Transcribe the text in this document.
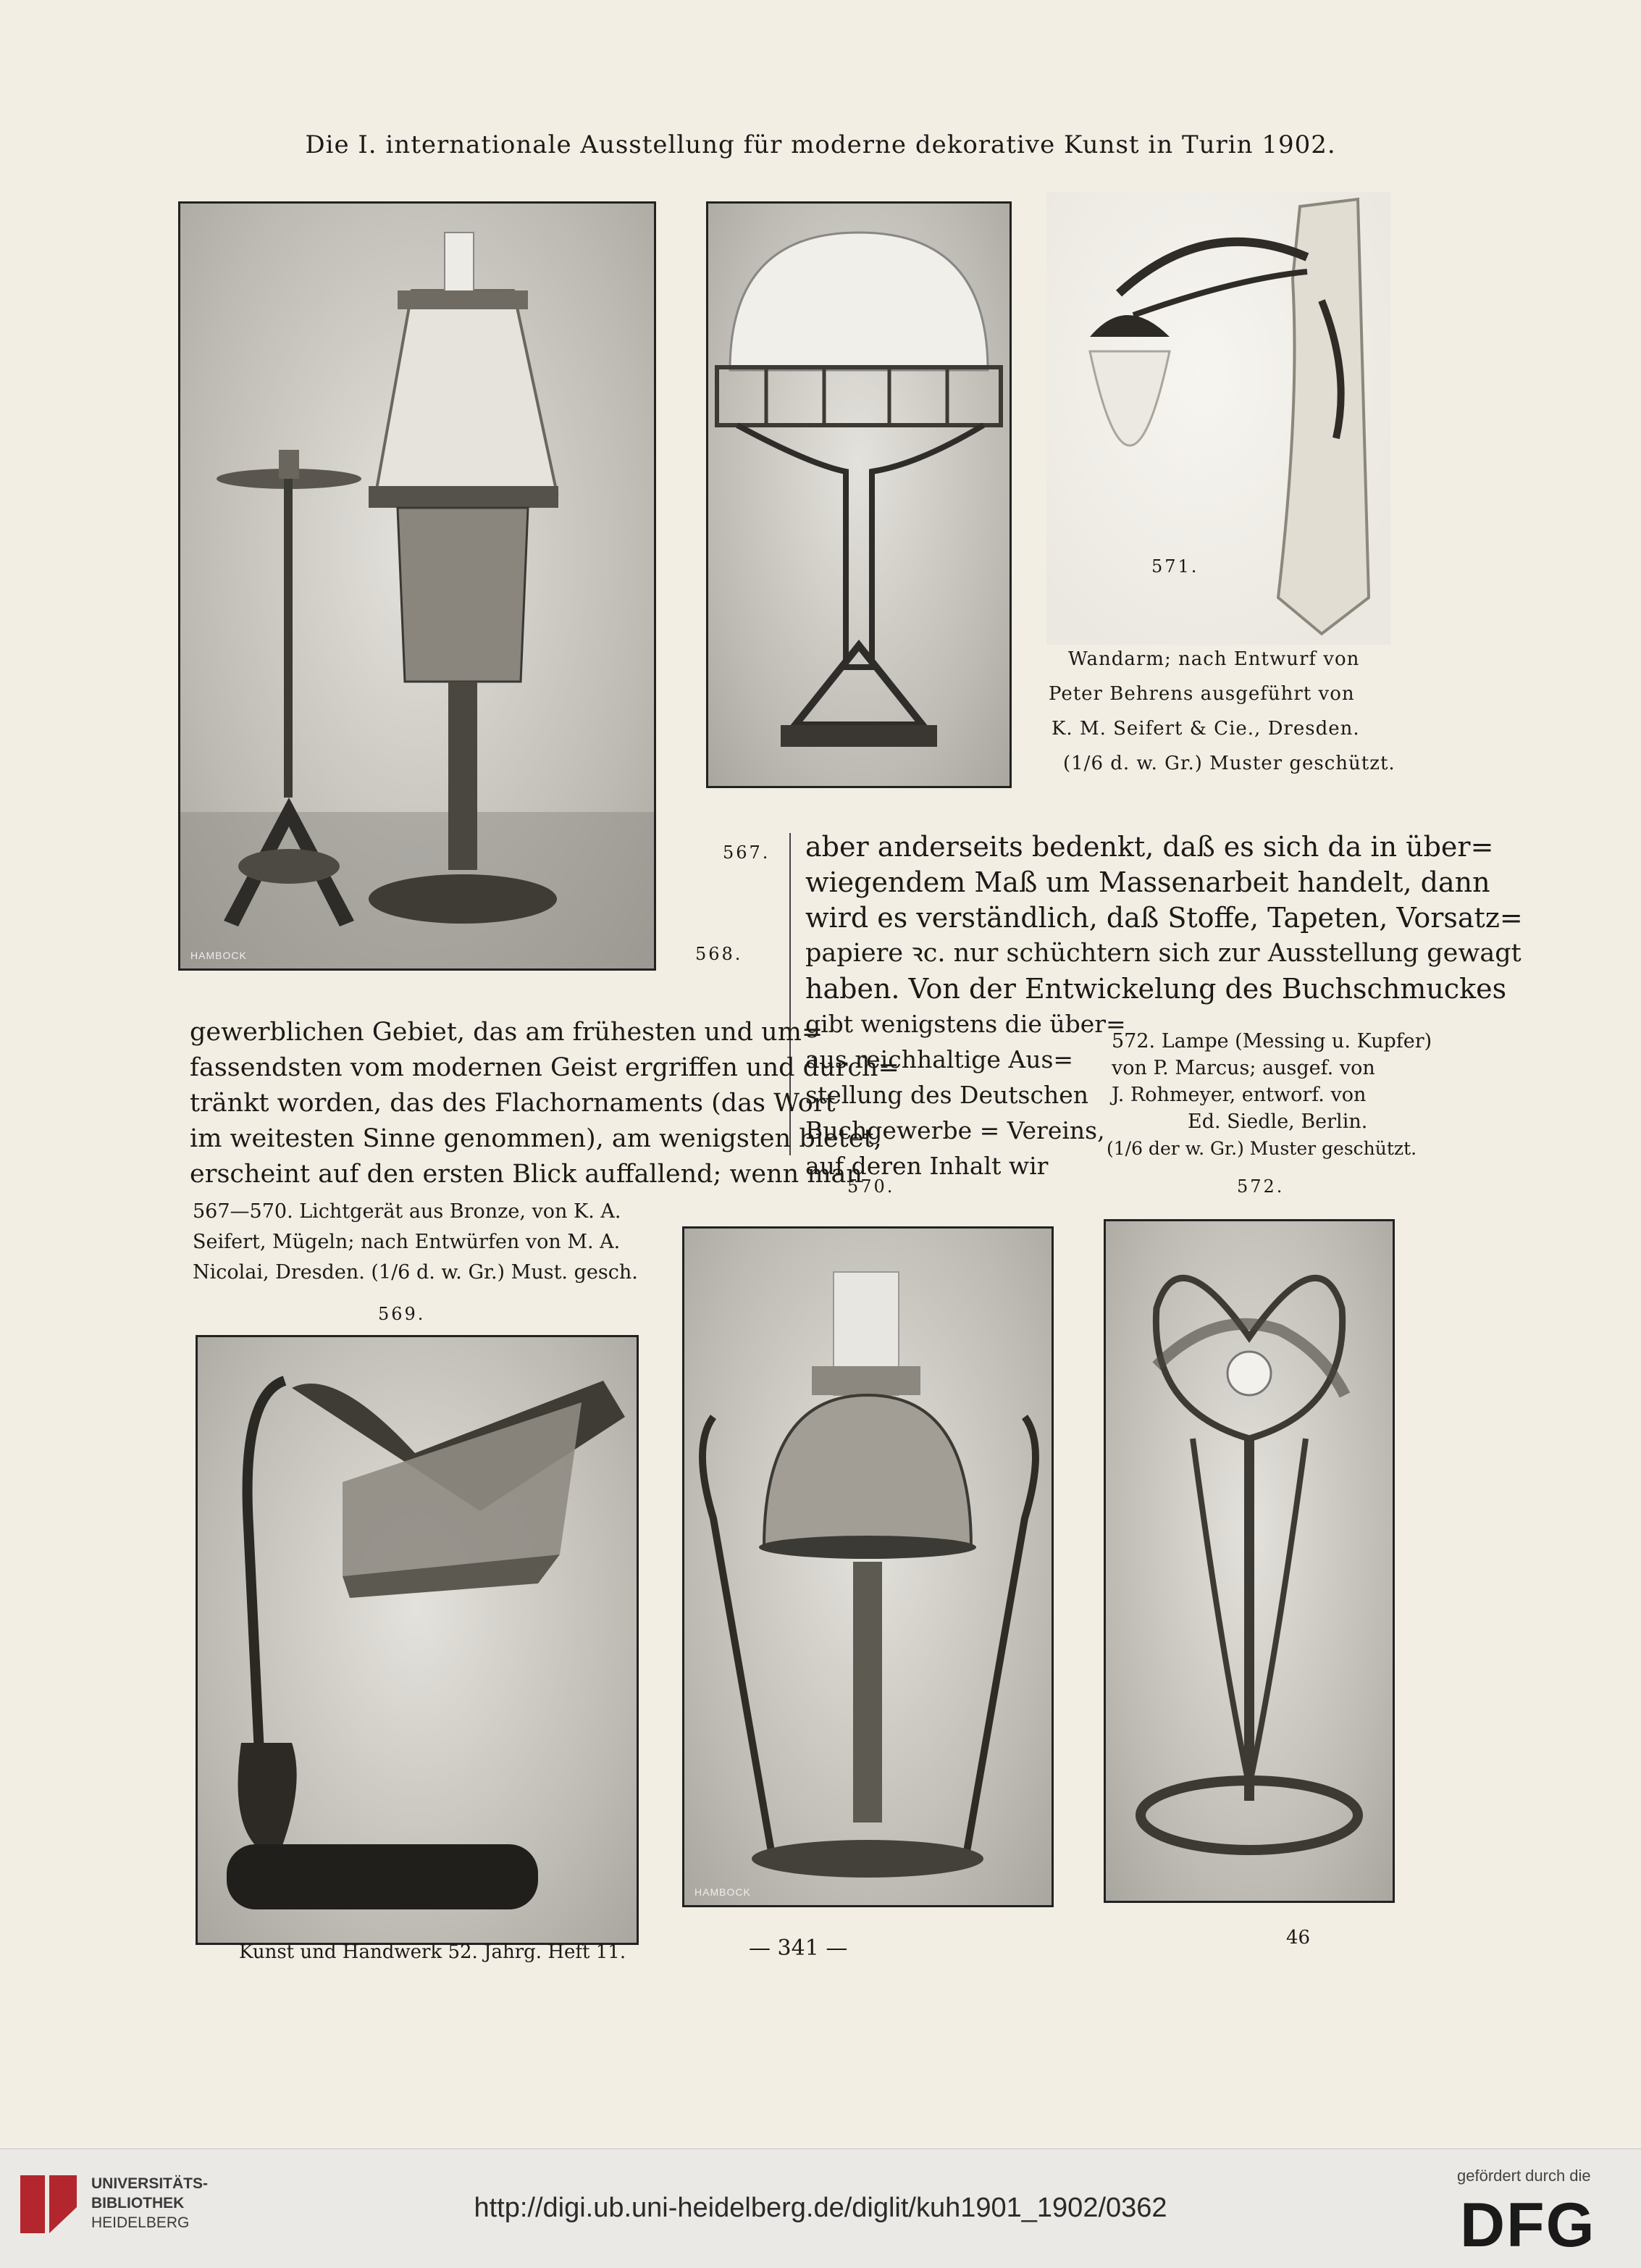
Die I. internationale Ausstellung für moderne dekorative Kunst in Turin 1902.
HAMBOCK	568.
567.
571.
Wandarm; nach Entwurf von
Peter Behrens ausgeführt von
K. M. Seifert & Cie., Dresden.
(1/6 d. w. Gr.) Muster geschützt.
aber anderseits bedenkt, daß es sich da in über=
wiegendem Maß um Massenarbeit handelt, dann
wird es verständlich, daß Stoffe, Tapeten, Vorsatz=
papiere ꝛc. nur schüchtern sich zur Ausstellung gewagt
haben. Von der Entwickelung des Buchschmuckes
gibt wenigstens die über=
aus reichhaltige Aus=
stellung des Deutschen
Buchgewerbe = Vereins,
auf deren Inhalt wir
572. Lampe (Messing u. Kupfer)
von P. Marcus; ausgef. von
J. Rohmeyer, entworf. von
Ed. Siedle, Berlin.
(1/6 der w. Gr.) Muster geschützt.
gewerblichen Gebiet, das am frühesten und um=
fassendsten vom modernen Geist ergriffen und durch=
tränkt worden, das des Flachornaments (das Wort
im weitesten Sinne genommen), am wenigsten bietet,
erscheint auf den ersten Blick auffallend; wenn man
570.	572.
567—570. Lichtgerät aus Bronze, von K. A.
Seifert, Mügeln; nach Entwürfen von M. A.
Nicolai, Dresden. (1/6 d. w. Gr.) Must. gesch.
569.
HAMBOCK
Kunst und Handwerk 52. Jahrg. Heft 11.	— 341 —	46
UNIVERSITÄTS-
BIBLIOTHEK
HEIDELBERG	http://digi.ub.uni-heidelberg.de/diglit/kuh1901_1902/0362
gefördert durch die
DFG
